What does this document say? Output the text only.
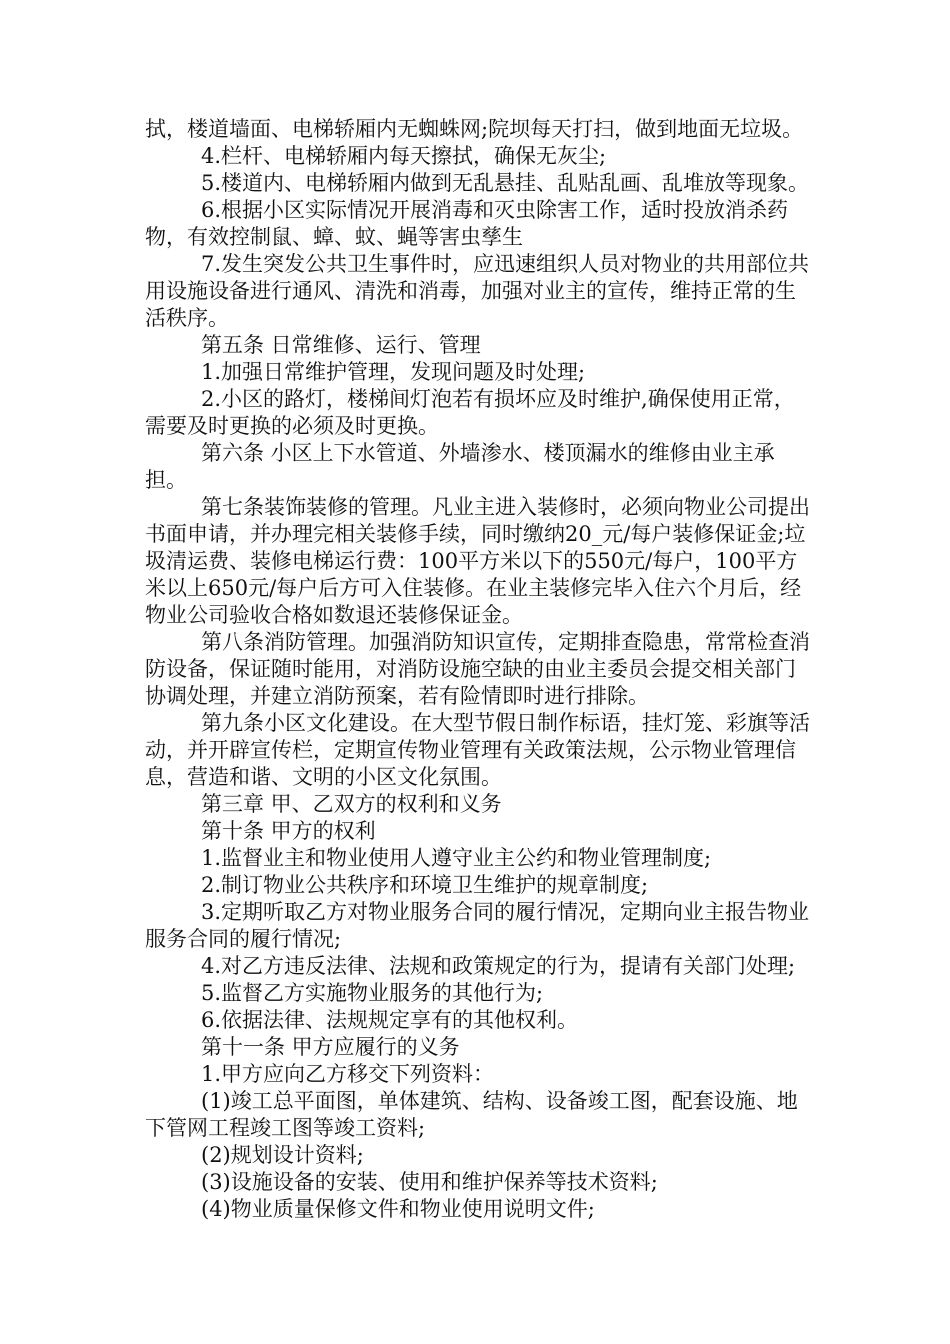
拭，楼道墙面、电梯轿厢内无蜘蛛网;院坝每天打扫，做到地面无垃圾。

4.栏杆、电梯轿厢内每天擦拭，确保无灰尘;

5.楼道内、电梯轿厢内做到无乱悬挂、乱贴乱画、乱堆放等现象。

6.根据小区实际情况开展消毒和灭虫除害工作，适时投放消杀药物，有效控制鼠、蟑、蚊、蝇等害虫孳生

7.发生突发公共卫生事件时，应迅速组织人员对物业的共用部位共用设施设备进行通风、清洗和消毒，加强对业主的宣传，维持正常的生活秩序。

第五条 日常维修、运行、管理

1.加强日常维护管理，发现问题及时处理;

2.小区的路灯，楼梯间灯泡若有损坏应及时维护,确保使用正常，需要及时更换的必须及时更换。

第六条 小区上下水管道、外墙渗水、楼顶漏水的维修由业主承担。

第七条装饰装修的管理。凡业主进入装修时，必须向物业公司提出书面申请，并办理完相关装修手续，同时缴纳20_元/每户装修保证金;垃圾清运费、装修电梯运行费：100平方米以下的550元/每户，100平方米以上650元/每户后方可入住装修。在业主装修完毕入住六个月后，经物业公司验收合格如数退还装修保证金。

第八条消防管理。加强消防知识宣传，定期排查隐患，常常检查消防设备，保证随时能用，对消防设施空缺的由业主委员会提交相关部门协调处理，并建立消防预案，若有险情即时进行排除。

第九条小区文化建设。在大型节假日制作标语，挂灯笼、彩旗等活动，并开辟宣传栏，定期宣传物业管理有关政策法规，公示物业管理信息，营造和谐、文明的小区文化氛围。

第三章 甲、乙双方的权利和义务

第十条 甲方的权利

1.监督业主和物业使用人遵守业主公约和物业管理制度;

2.制订物业公共秩序和环境卫生维护的规章制度;

3.定期听取乙方对物业服务合同的履行情况，定期向业主报告物业服务合同的履行情况;

4.对乙方违反法律、法规和政策规定的行为，提请有关部门处理;

5.监督乙方实施物业服务的其他行为;

6.依据法律、法规规定享有的其他权利。

第十一条 甲方应履行的义务

1.甲方应向乙方移交下列资料：

(1)竣工总平面图，单体建筑、结构、设备竣工图，配套设施、地下管网工程竣工图等竣工资料;

(2)规划设计资料;

(3)设施设备的安装、使用和维护保养等技术资料;

(4)物业质量保修文件和物业使用说明文件;
